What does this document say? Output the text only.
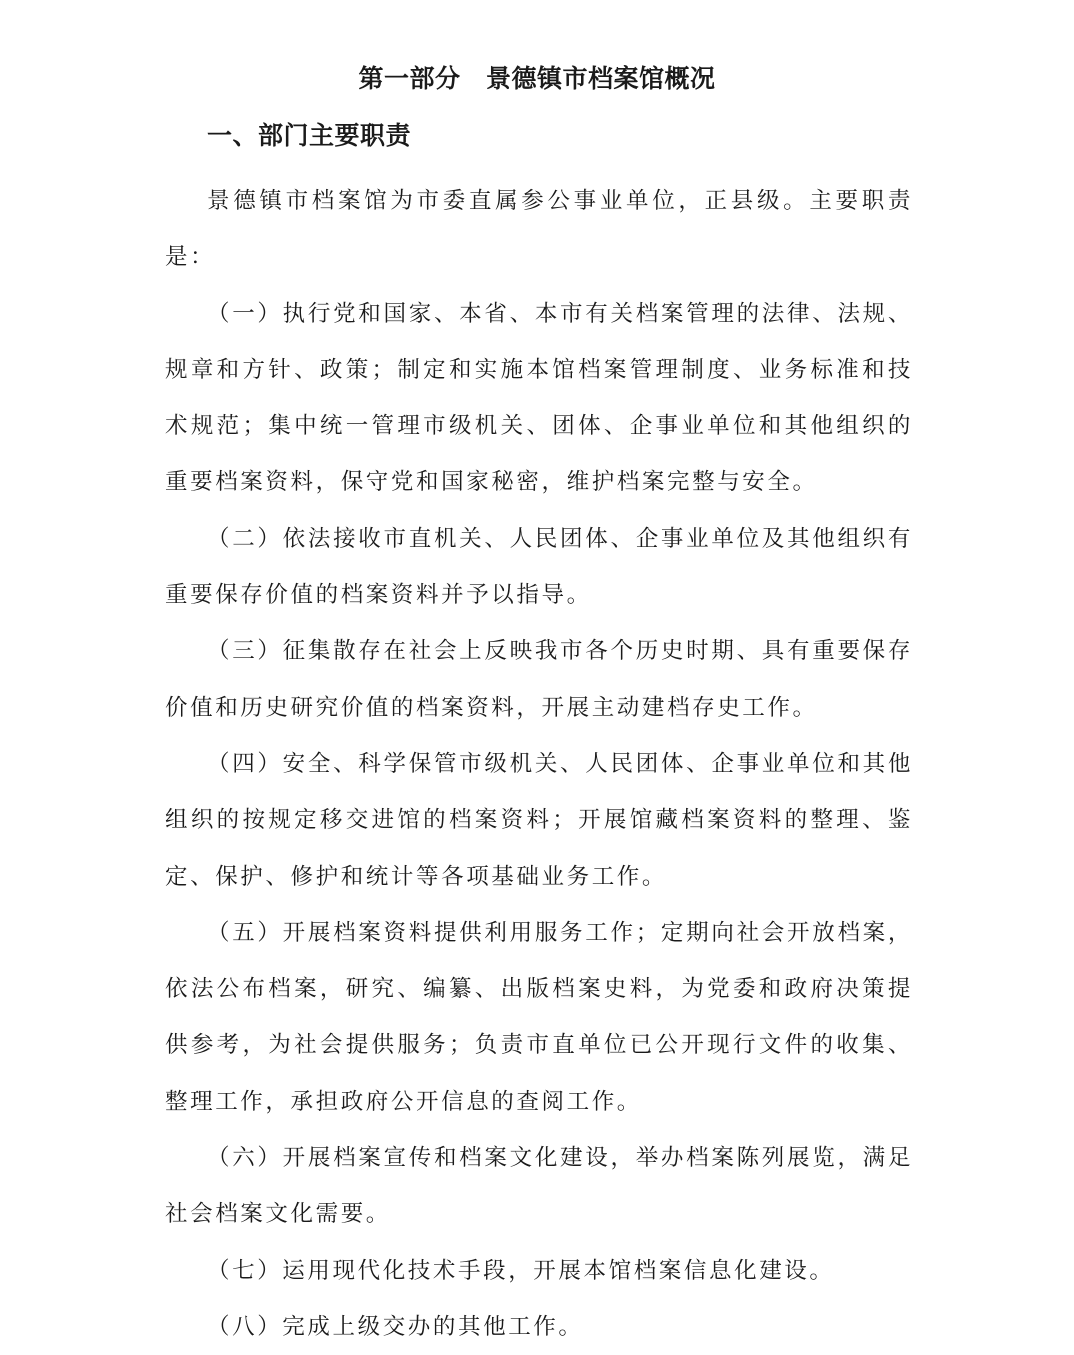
第一部分　景德镇市档案馆概况
一、部门主要职责

景德镇市档案馆为市委直属参公事业单位，正县级。主要职责是：

（一）执行党和国家、本省、本市有关档案管理的法律、法规、规章和方针、政策；制定和实施本馆档案管理制度、业务标准和技术规范；集中统一管理市级机关、团体、企事业单位和其他组织的重要档案资料，保守党和国家秘密，维护档案完整与安全。

（二）依法接收市直机关、人民团体、企事业单位及其他组织有重要保存价值的档案资料并予以指导。

（三）征集散存在社会上反映我市各个历史时期、具有重要保存价值和历史研究价值的档案资料，开展主动建档存史工作。

（四）安全、科学保管市级机关、人民团体、企事业单位和其他组织的按规定移交进馆的档案资料；开展馆藏档案资料的整理、鉴定、保护、修护和统计等各项基础业务工作。

（五）开展档案资料提供利用服务工作；定期向社会开放档案，依法公布档案，研究、编纂、出版档案史料，为党委和政府决策提供参考，为社会提供服务；负责市直单位已公开现行文件的收集、整理工作，承担政府公开信息的查阅工作。

（六）开展档案宣传和档案文化建设，举办档案陈列展览，满足社会档案文化需要。

（七）运用现代化技术手段，开展本馆档案信息化建设。

（八）完成上级交办的其他工作。
